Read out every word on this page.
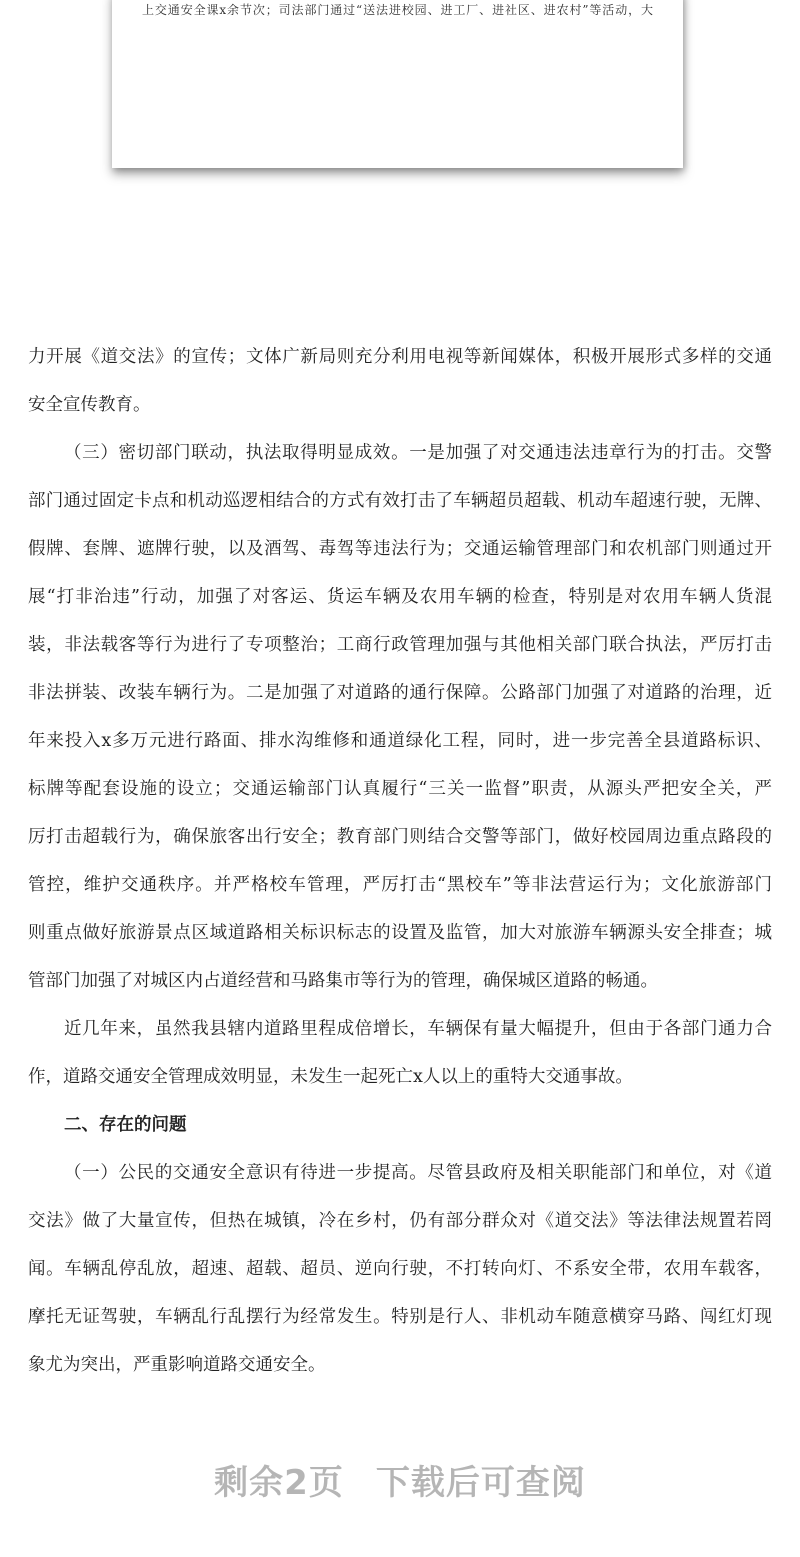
上交通安全课x余节次；司法部门通过“送法进校园、进工厂、进社区、进农村”等活动，大
力开展《道交法》的宣传；文体广新局则充分利用电视等新闻媒体，积极开展形式多样的交通
安全宣传教育。
（三）密切部门联动，执法取得明显成效。一是加强了对交通违法违章行为的打击。交警
部门通过固定卡点和机动巡逻相结合的方式有效打击了车辆超员超载、机动车超速行驶，无牌、
假牌、套牌、遮牌行驶，以及酒驾、毒驾等违法行为；交通运输管理部门和农机部门则通过开
展“打非治违”行动，加强了对客运、货运车辆及农用车辆的检查，特别是对农用车辆人货混
装，非法载客等行为进行了专项整治；工商行政管理加强与其他相关部门联合执法，严厉打击
非法拼装、改装车辆行为。二是加强了对道路的通行保障。公路部门加强了对道路的治理，近
年来投入x多万元进行路面、排水沟维修和通道绿化工程，同时，进一步完善全县道路标识、
标牌等配套设施的设立；交通运输部门认真履行“三关一监督”职责，从源头严把安全关，严
厉打击超载行为，确保旅客出行安全；教育部门则结合交警等部门，做好校园周边重点路段的
管控，维护交通秩序。并严格校车管理，严厉打击“黑校车”等非法营运行为；文化旅游部门
则重点做好旅游景点区域道路相关标识标志的设置及监管，加大对旅游车辆源头安全排查；城
管部门加强了对城区内占道经营和马路集市等行为的管理，确保城区道路的畅通。
近几年来，虽然我县辖内道路里程成倍增长，车辆保有量大幅提升，但由于各部门通力合
作，道路交通安全管理成效明显，未发生一起死亡x人以上的重特大交通事故。
二、存在的问题
（一）公民的交通安全意识有待进一步提高。尽管县政府及相关职能部门和单位，对《道
交法》做了大量宣传，但热在城镇，冷在乡村，仍有部分群众对《道交法》等法律法规置若罔
闻。车辆乱停乱放，超速、超载、超员、逆向行驶，不打转向灯、不系安全带，农用车载客，
摩托无证驾驶，车辆乱行乱摆行为经常发生。特别是行人、非机动车随意横穿马路、闯红灯现
象尤为突出，严重影响道路交通安全。
剩余2页 下载后可查阅
